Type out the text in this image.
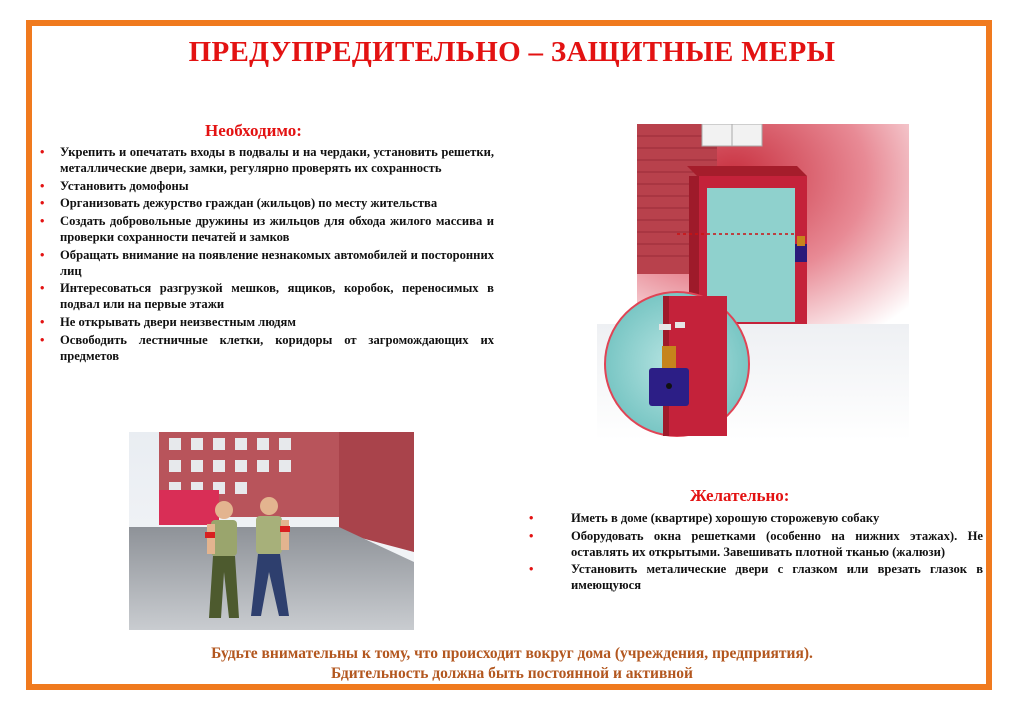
ПРЕДУПРЕДИТЕЛЬНО – ЗАЩИТНЫЕ МЕРЫ
Необходимо:
• Укрепить и опечатать входы в подвалы и на чердаки, установить решетки, металлические двери, замки, регулярно проверять их сохранность
• Установить домофоны
• Организовать дежурство граждан (жильцов) по месту жительства
• Создать добровольные дружины из жильцов для обхода жилого массива и проверки сохранности печатей и замков
• Обращать внимание на появление незнакомых автомобилей и посторонних лиц
• Интересоваться разгрузкой мешков, ящиков, коробок, переносимых в подвал или на первые этажи
• Не открывать двери неизвестным людям
• Освободить лестничные клетки, коридоры от загромождающих их предметов
Желательно:
•	Иметь в доме (квартире) хорошую сторожевую собаку
•	Оборудовать окна решетками (особенно на нижних этажах). Не оставлять их открытыми. Завешивать плотной тканью (жалюзи)
•	Установить металические двери с глазком или врезать глазок в имеющуюся
Будьте внимательны к тому, что происходит вокруг дома (учреждения, предприятия).
Бдительность должна быть постоянной и активной
